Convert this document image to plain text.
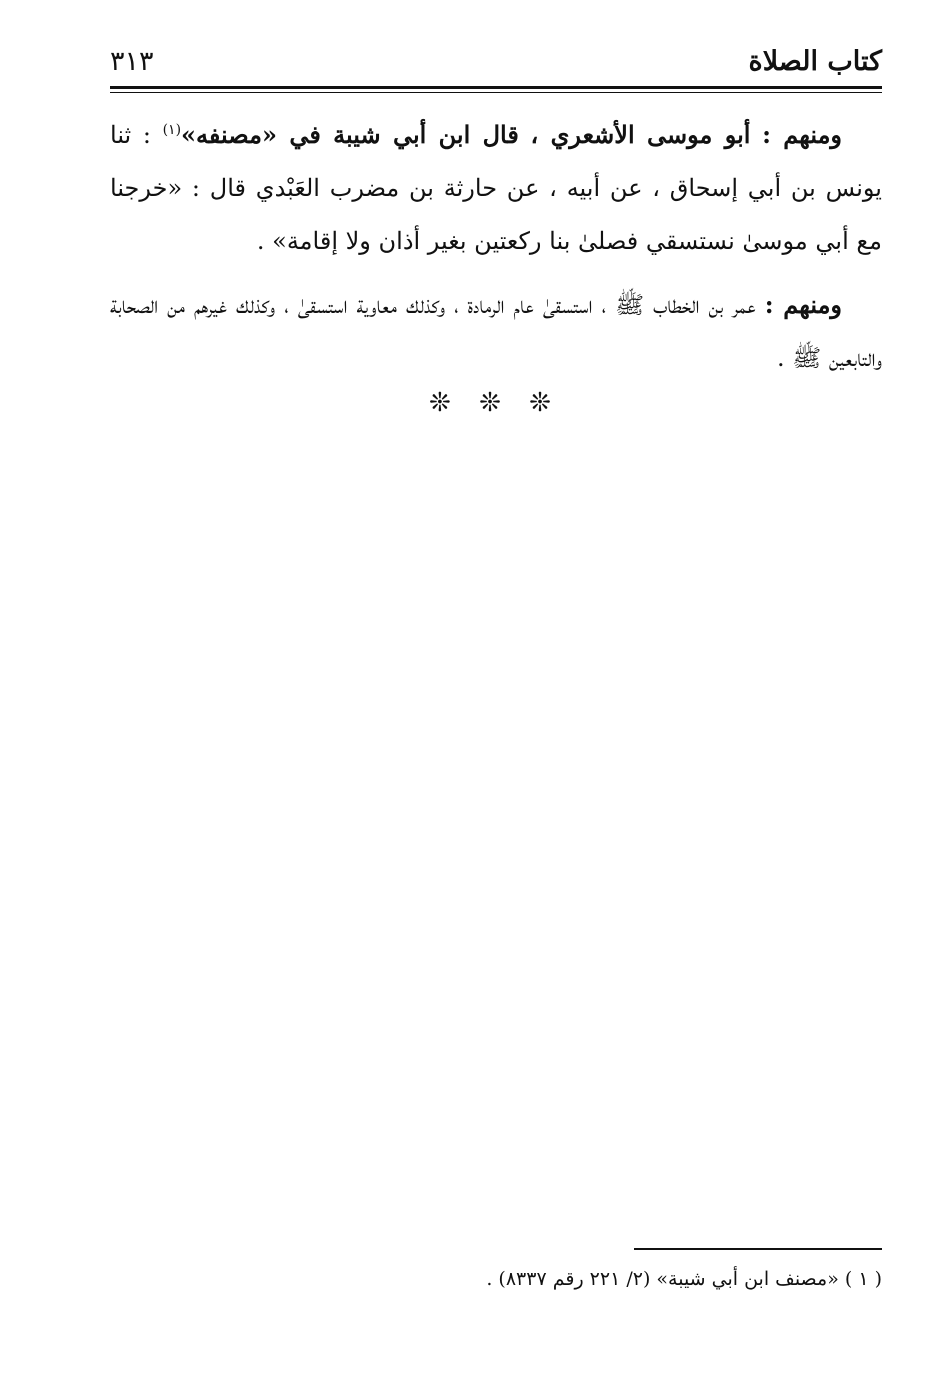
كتاب الصلاة
٣١٣

ومنهم : أبو موسى الأشعري ، قال ابن أبي شيبة في «مصنفه»$^{(١)}$ : ثنا يونس بن أبي إسحاق ، عن أبيه ، عن حارثة بن مضرب العَبْدي قال : «خرجنا مع أبي موسىٰ نستسقي فصلىٰ بنا ركعتين بغير أذان ولا إقامة» .

ومنهم : عمر بن الخطاب ﷺ ، استسقىٰ عام الرمادة ، وكذلك معاوية استسقىٰ ، وكذلك غيرهم من الصحابة والتابعين ﷺ .

❊ ❊ ❊
( ١ ) «مصنف ابن أبي شيبة» (٢/ ٢٢١ رقم ٨٣٣٧) .
